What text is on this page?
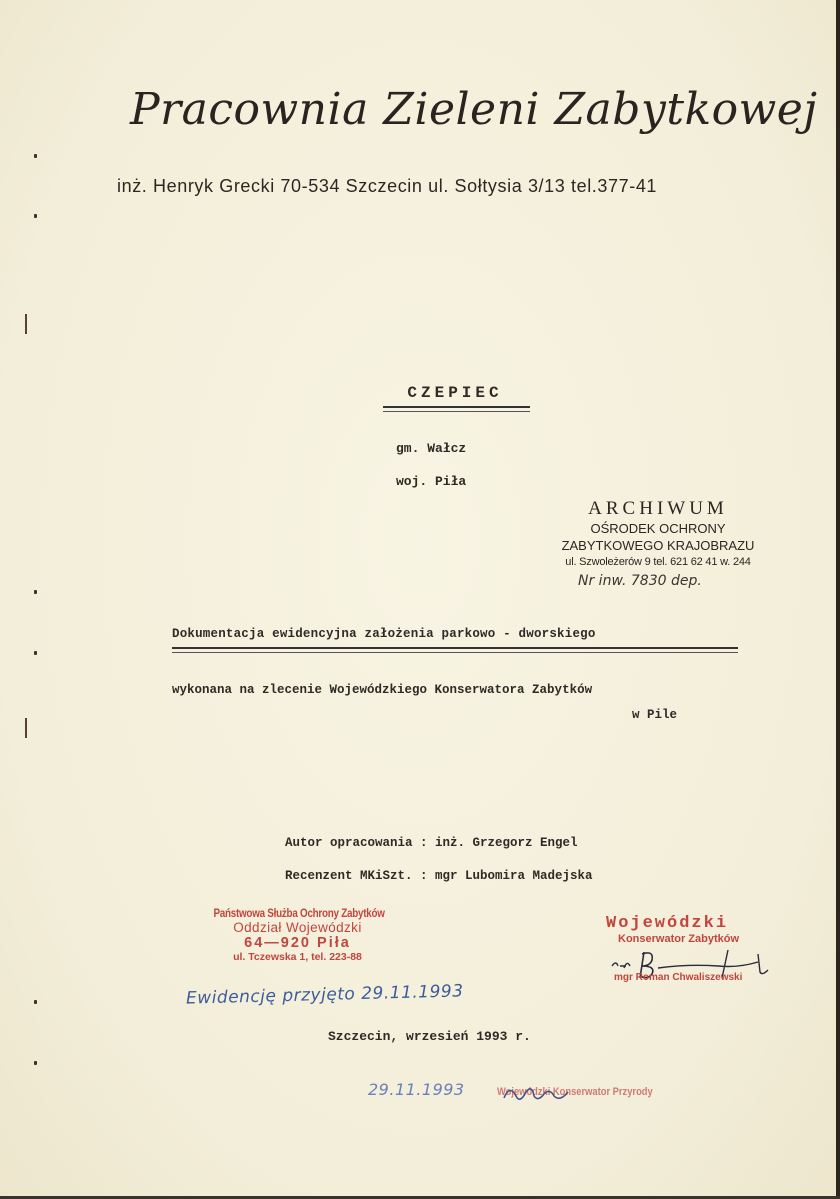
Pracownia Zieleni Zabytkowej
inż. Henryk Grecki 70-534 Szczecin ul. Sołtysia 3/13 tel.377-41
CZEPIEC
gm. Wałcz
woj. Piła
ARCHIWUM
OŚRODEK OCHRONY
ZABYTKOWEGO KRAJOBRAZU
ul. Szwoleżerów 9 tel. 621 62 41 w. 244
Nr inw. 7830 dep.
Dokumentacja ewidencyjna założenia parkowo - dworskiego
wykonana na zlecenie Wojewódzkiego Konserwatora Zabytków
w Pile
Autor opracowania : inż. Grzegorz Engel
Recenzent MKiSzt. : mgr Lubomira Madejska
Państwowa Służba Ochrony Zabytków
Oddział Wojewódzki
64—920 Piła
ul. Tczewska 1, tel. 223-88
Wojewódzki
Konserwator Zabytków
mgr Roman Chwaliszewski
Ewidencję przyjęto 29.11.1993
Szczecin, wrzesień 1993 r.
29.11.1993	Wojewódzki Konserwator Przyrody
